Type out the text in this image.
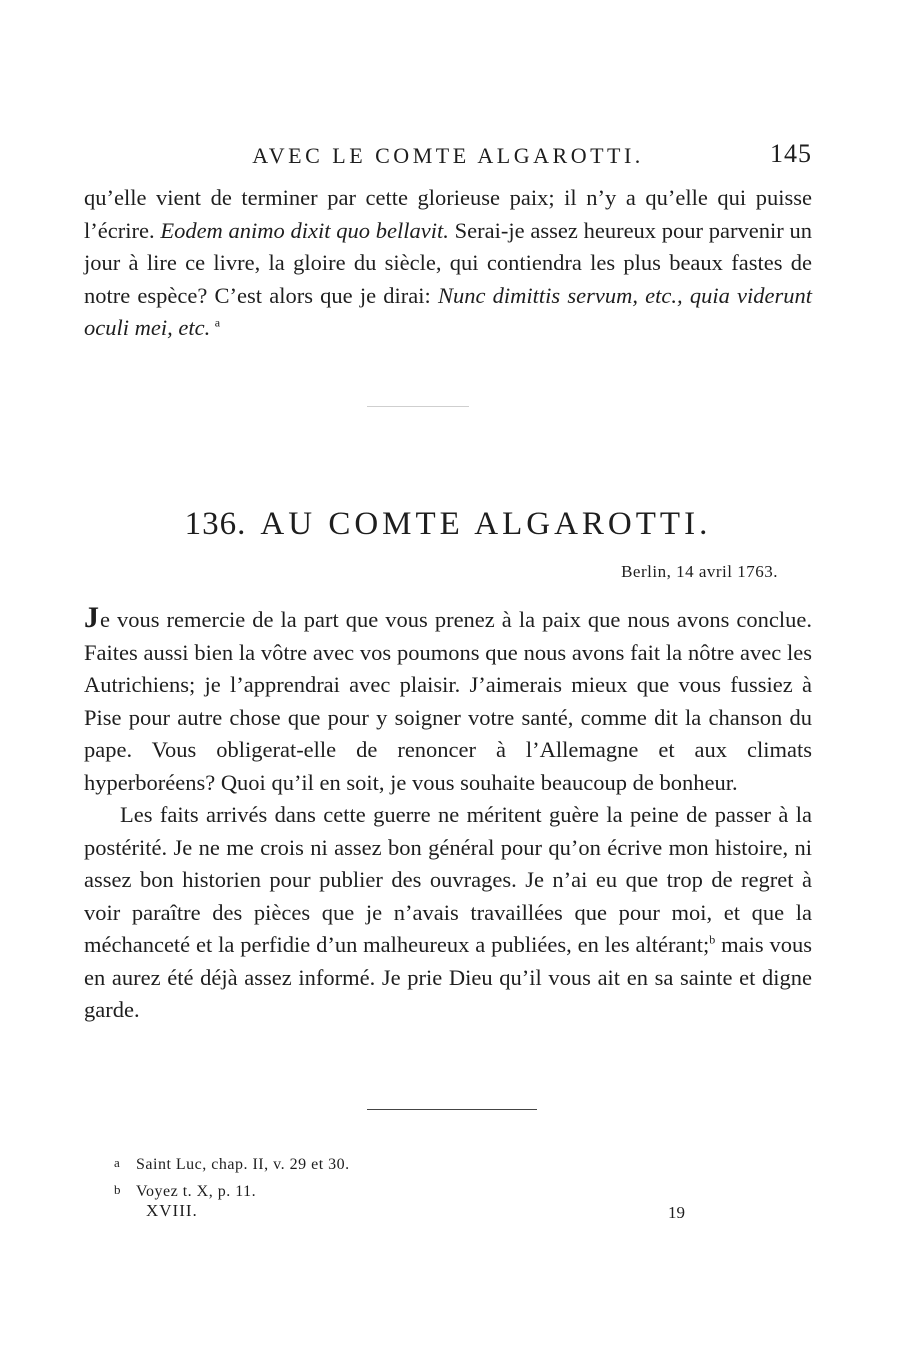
AVEC LE COMTE ALGAROTTI.	145

qu’elle vient de terminer par cette glorieuse paix; il n’y a qu’elle qui puisse l’écrire. Eodem animo dixit quo bellavit. Serai-je assez heureux pour parvenir un jour à lire ce livre, la gloire du siècle, qui contiendra les plus beaux fastes de notre espèce? C’est alors que je dirai: Nunc dimittis servum, etc., quia viderunt oculi mei, etc.  $^a$

136. AU COMTE ALGAROTTI.
Berlin, 14 avril 1763.

Je vous remercie de la part que vous prenez à la paix que nous avons conclue. Faites aussi bien la vôtre avec vos poumons que nous avons fait la nôtre avec les Autrichiens; je l’apprendrai avec plaisir. J’aimerais mieux que vous fussiez à Pise pour autre chose que pour y soigner votre santé, comme dit la chanson du pape. Vous obligerat-elle de renoncer à l’Allemagne et aux climats hyperboréens? Quoi qu’il en soit, je vous souhaite beaucoup de bonheur.

Les faits arrivés dans cette guerre ne méritent guère la peine de passer à la postérité. Je ne me crois ni assez bon général pour qu’on écrive mon histoire, ni assez bon historien pour publier des ouvrages. Je n’ai eu que trop de regret à voir paraître des pièces que je n’avais travaillées que pour moi, et que la méchanceté et la perfidie d’un malheureux a publiées, en les altérant;$^b$ mais vous en aurez été déjà assez informé. Je prie Dieu qu’il vous ait en sa sainte et digne garde.

a Saint Luc, chap. II, v. 29 et 30.
b Voyez t. X, p. 11.
XVIII.	19
